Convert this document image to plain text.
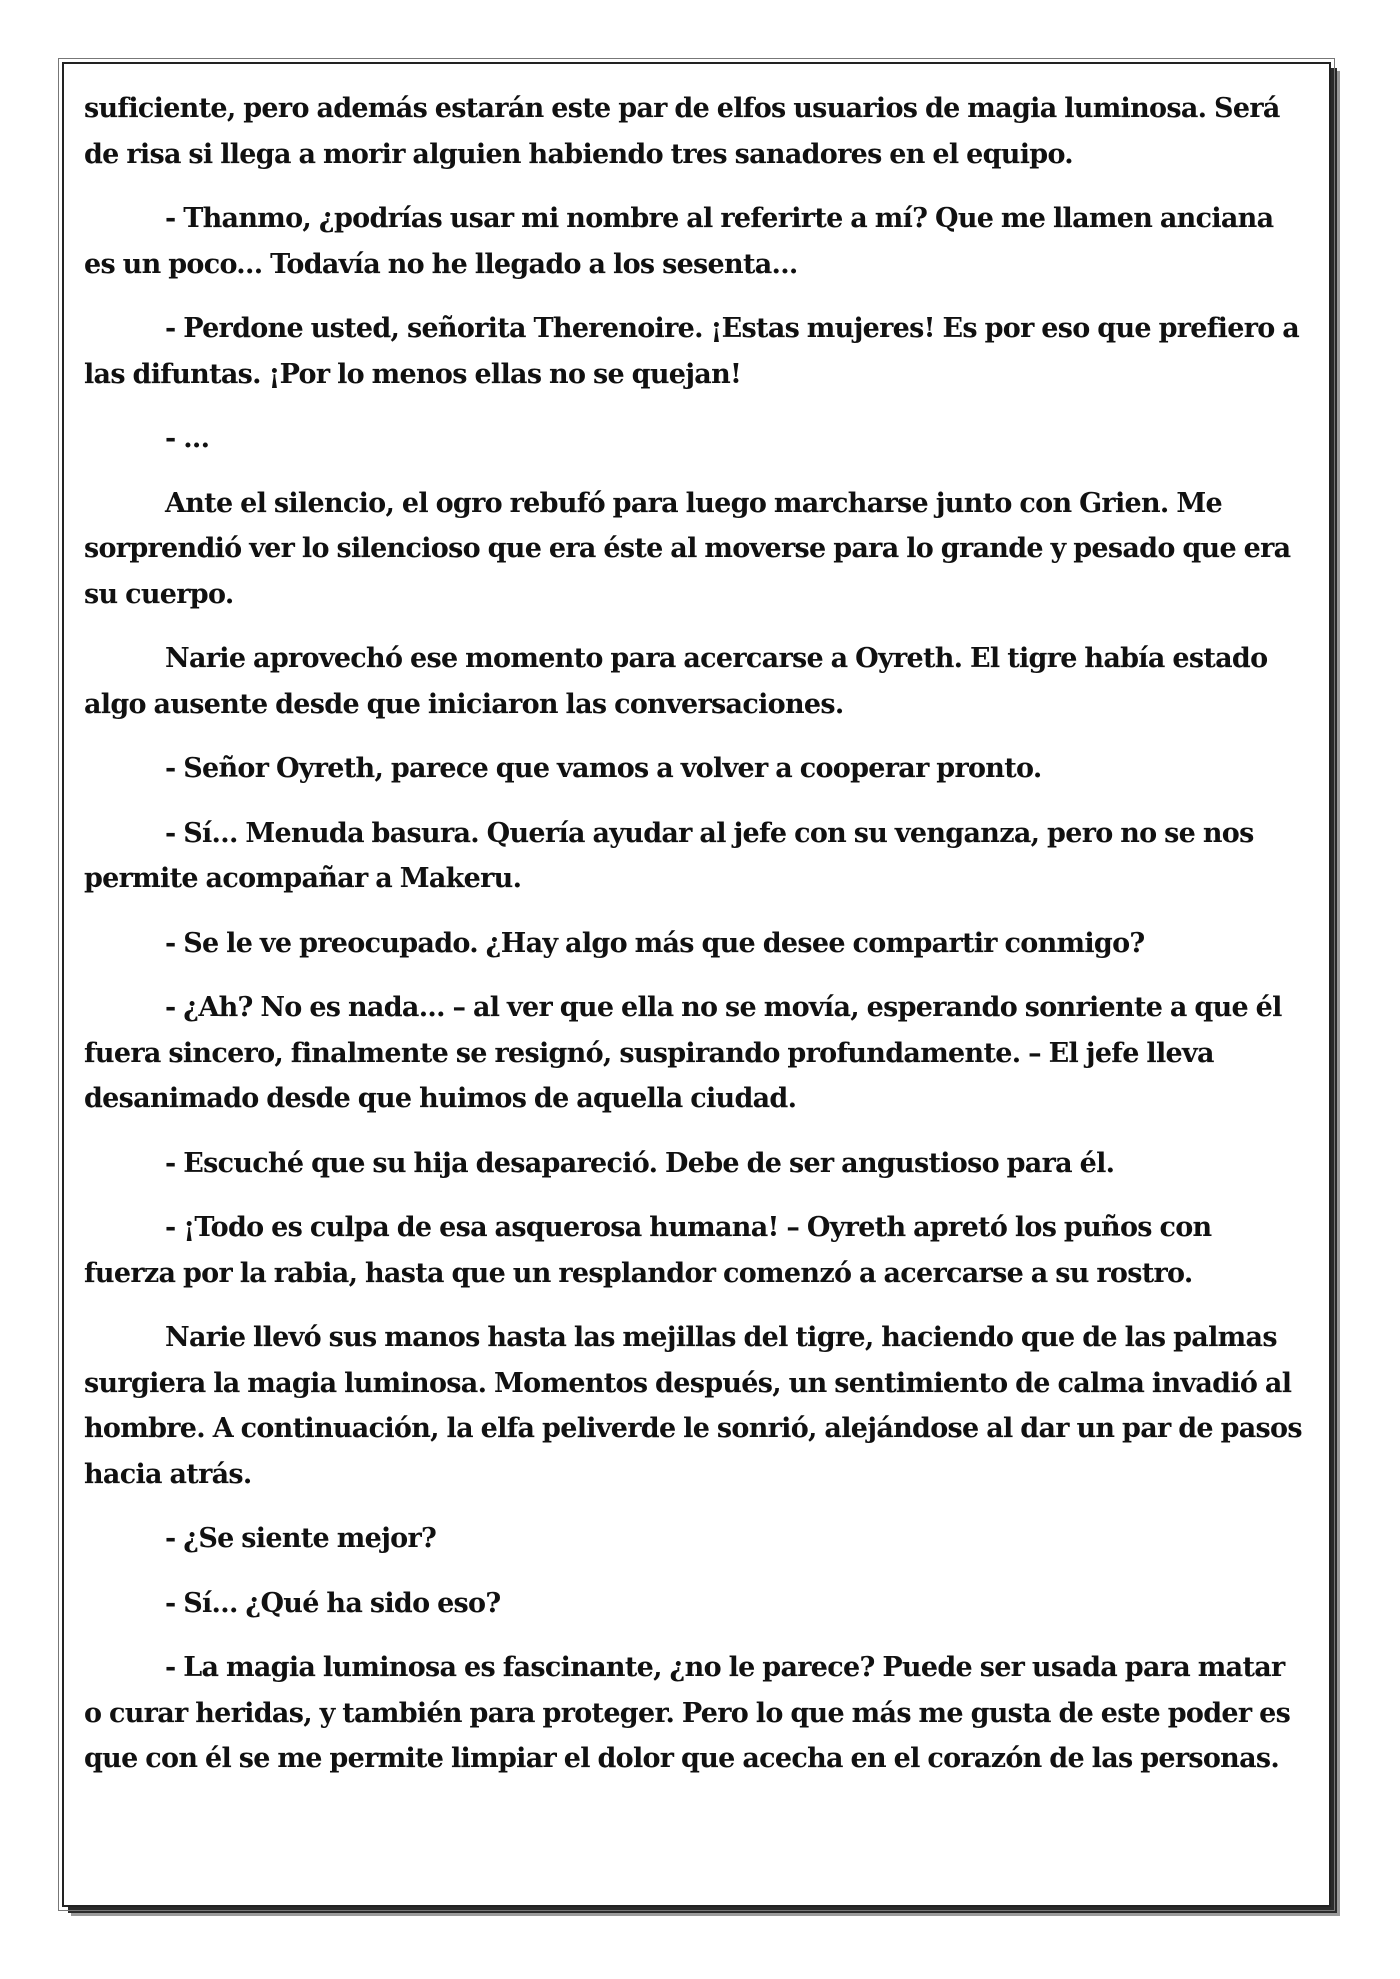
suficiente, pero además estarán este par de elfos usuarios de magia luminosa. Será de risa si llega a morir alguien habiendo tres sanadores en el equipo.

- Thanmo, ¿podrías usar mi nombre al referirte a mí? Que me llamen anciana es un poco... Todavía no he llegado a los sesenta...

- Perdone usted, señorita Therenoire. ¡Estas mujeres! Es por eso que prefiero a las difuntas. ¡Por lo menos ellas no se quejan!

- ...

Ante el silencio, el ogro rebufó para luego marcharse junto con Grien. Me sorprendió ver lo silencioso que era éste al moverse para lo grande y pesado que era su cuerpo.

Narie aprovechó ese momento para acercarse a Oyreth. El tigre había estado algo ausente desde que iniciaron las conversaciones.

- Señor Oyreth, parece que vamos a volver a cooperar pronto.

- Sí... Menuda basura. Quería ayudar al jefe con su venganza, pero no se nos permite acompañar a Makeru.

- Se le ve preocupado. ¿Hay algo más que desee compartir conmigo?

- ¿Ah? No es nada... – al ver que ella no se movía, esperando sonriente a que él fuera sincero, finalmente se resignó, suspirando profundamente. – El jefe lleva desanimado desde que huimos de aquella ciudad.

- Escuché que su hija desapareció. Debe de ser angustioso para él.

- ¡Todo es culpa de esa asquerosa humana! – Oyreth apretó los puños con fuerza por la rabia, hasta que un resplandor comenzó a acercarse a su rostro.

Narie llevó sus manos hasta las mejillas del tigre, haciendo que de las palmas surgiera la magia luminosa. Momentos después, un sentimiento de calma invadió al hombre. A continuación, la elfa peliverde le sonrió, alejándose al dar un par de pasos hacia atrás.

- ¿Se siente mejor?

- Sí... ¿Qué ha sido eso?

- La magia luminosa es fascinante, ¿no le parece? Puede ser usada para matar o curar heridas, y también para proteger. Pero lo que más me gusta de este poder es que con él se me permite limpiar el dolor que acecha en el corazón de las personas.
